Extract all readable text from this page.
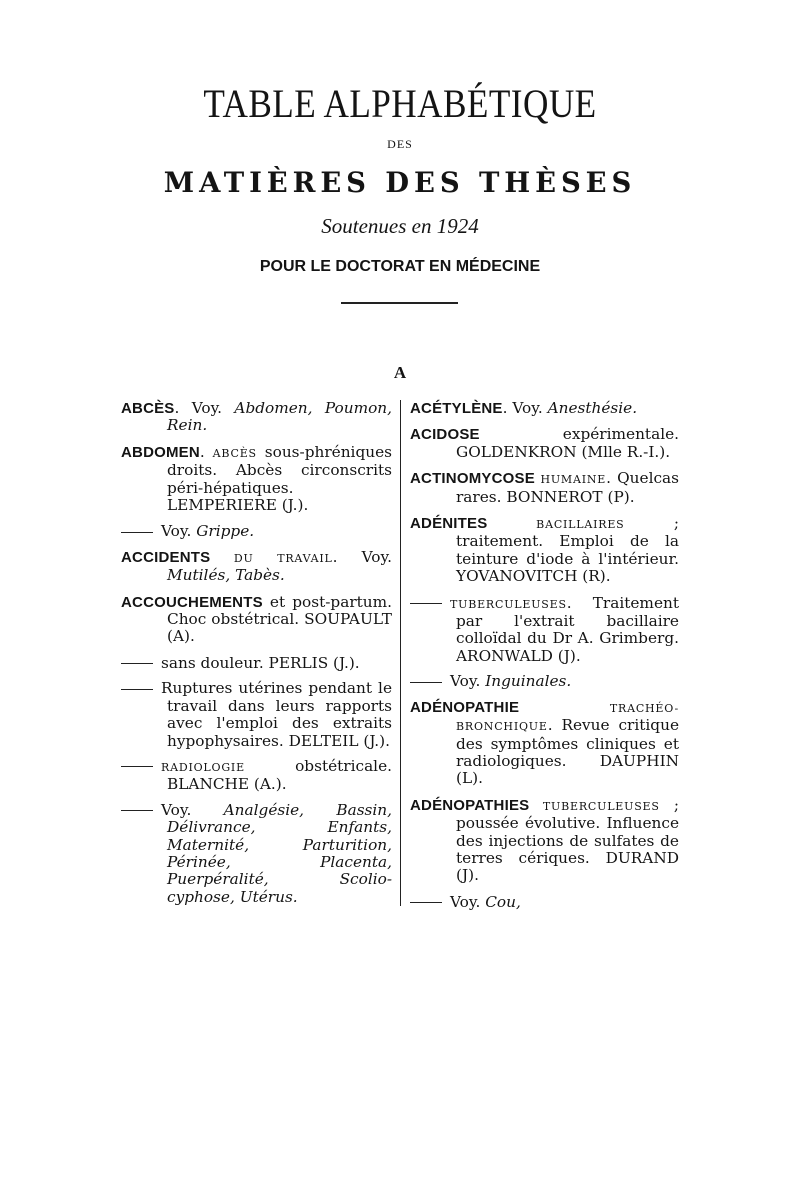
TABLE ALPHABÉTIQUE
DES
MATIÈRES DES THÈSES
Soutenues en 1924
POUR LE DOCTORAT EN MÉDECINE
A

ABCÈS. Voy. Abdomen, Poumon, Rein.

ABDOMEN. ABCÈS sous-phréniques droits. Abcès circonscrits péri-hépatiques. LEMPERIERE (J.).

Voy. Grippe.

ACCIDENTS DU TRAVAIL. Voy. Mutilés, Tabès.

ACCOUCHEMENTS et post-partum. Choc obstétrical. SOUPAULT (A).

sans douleur. PERLIS (J.).

Ruptures utérines pendant le travail dans leurs rapports avec l'emploi des extraits hypophysaires. DELTEIL (J.).

RADIOLOGIE obstétricale. BLANCHE (A.).

Voy. Analgésie, Bassin, Délivrance, Enfants, Maternité, Parturition, Périnée, Placenta, Puerpéralité, Scolio-cyphose, Utérus.

ACÉTYLÈNE. Voy. Anesthésie.

ACIDOSE expérimentale. GOLDENKRON (Mlle R.-I.).

ACTINOMYCOSE HUMAINE. Quelcas rares. BONNEROT (P).

ADÉNITES BACILLAIRES ; traitement. Emploi de la teinture d'iode à l'intérieur. YOVANOVITCH (R).

TUBERCULEUSES. Traitement par l'extrait bacillaire colloïdal du Dr A. Grimberg. ARONWALD (J).

Voy. Inguinales.

ADÉNOPATHIE TRACHÉO-BRONCHIQUE. Revue critique des symptômes cliniques et radiologiques. DAUPHIN (L).

ADÉNOPATHIES TUBERCULEUSES ; poussée évolutive. Influence des injections de sulfates de terres cériques. DURAND (J).

Voy. Cou,
